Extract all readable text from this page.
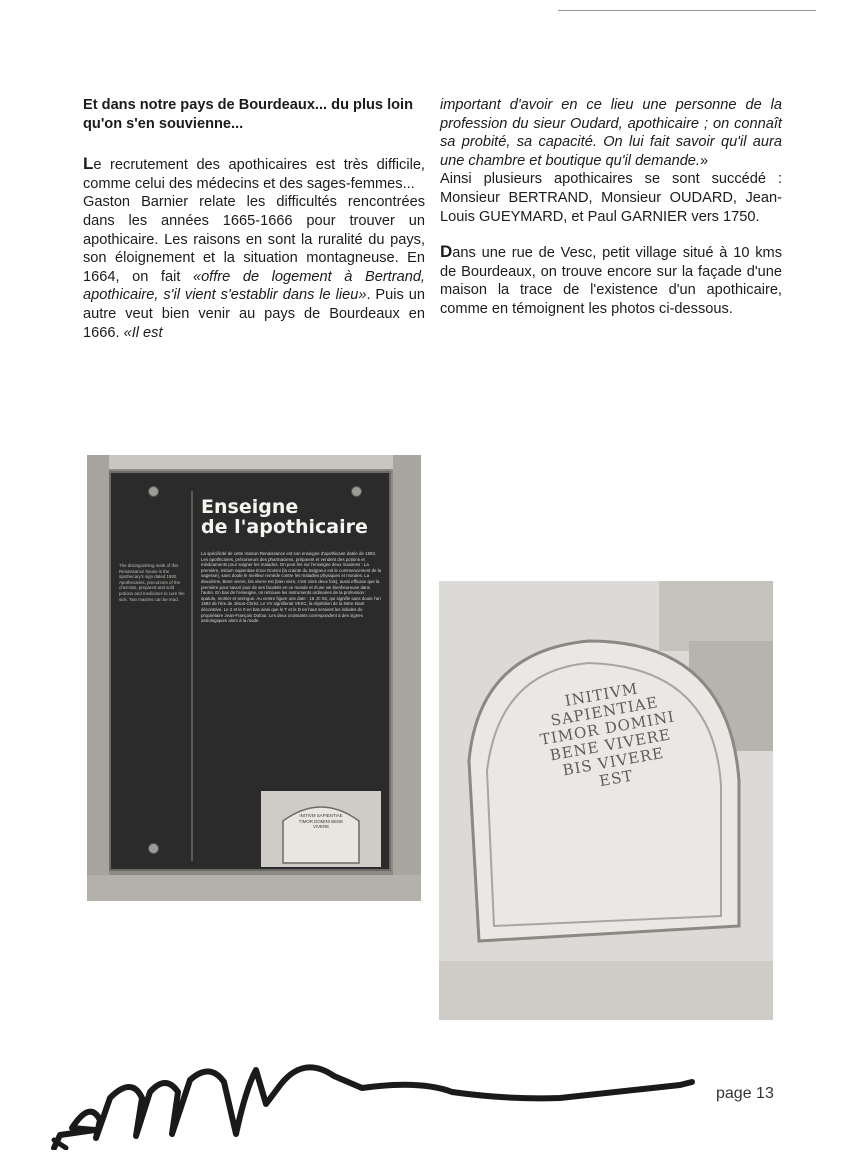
Et dans notre pays de Bourdeaux... du plus loin qu'on s'en souvienne...

Le recrutement des apothicaires est très difficile, comme celui des médecins et des sages-femmes...

Gaston Barnier relate les difficultés rencontrées dans les années 1665-1666 pour trouver un apothicaire. Les raisons en sont la ruralité du pays, son éloignement et la situation montagneuse. En 1664, on fait «offre de logement à Bertrand, apothicaire, s'il vient s'establir dans le lieu». Puis un autre veut bien venir au pays de Bourdeaux en 1666. «Il est

important d'avoir en ce lieu une personne de la profession du sieur Oudard, apothicaire ; on connaît sa probité, sa capacité. On lui fait savoir qu'il aura une chambre et boutique qu'il demande.»

Ainsi plusieurs apothicaires se sont succédé : Monsieur BERTRAND, Monsieur OUDARD, Jean-Louis GUEYMARD, et Paul GARNIER vers 1750.

Dans une rue de Vesc, petit village situé à 10 kms de Bourdeaux, on trouve encore sur la façade d'une maison la trace de l'existence d'un apothicaire, comme en témoignent les photos ci-dessous.

Enseigne
de l'apothicaire
La spécificité de cette maison Renaissance est son enseigne d'apothicaire datée de 1592. Les apothicaires, précurseurs des pharmaciens, préparent et vendent des potions et médicaments pour soigner les malades. On peut lire sur l'enseigne deux maximes : La première, Initium sapientiae timor Domini (la crainte du Seigneur est le commencement de la sagesse), sans doute le meilleur remède contre les maladies physiques et morales. La deuxième, Bene vivere, bis vivere est (bien vivre, c'est vivre deux fois), aussi efficace que la première pour savoir jouir de ses facultés en ce monde et d'une vie bienheureuse dans l'autre. En bas de l'enseigne, on retrouve les instruments ordinaires de la profession : spatule, mortier et seringue. Au centre figure une date : 15 JC 92, qui signifie sans doute l'an 1592 de l'ère de Jésus-Christ. Le VV signifierait VESC, la répétition de la lettre étant décorative. Le 2 et le 0 en bas ainsi que le T et le D en haut seraient les initiales du propriétaire Jean-François Dufour. Les deux croissants correspondent à des signes astrologiques alors à la mode.
The distinguishing mark of this Renaissance house is the apothecary's sign dated 1592. Apothecaries, precursors of the chemists, prepared and sold potions and medicines to cure the sick. Two maxims can be read.
INITIVM SAPIENTIAE TIMOR DOMINI BENE VIVERE
INITIVM SAPIENTIAE TIMOR DOMINI BENE VIVERE BIS VIVERE EST
page 13
